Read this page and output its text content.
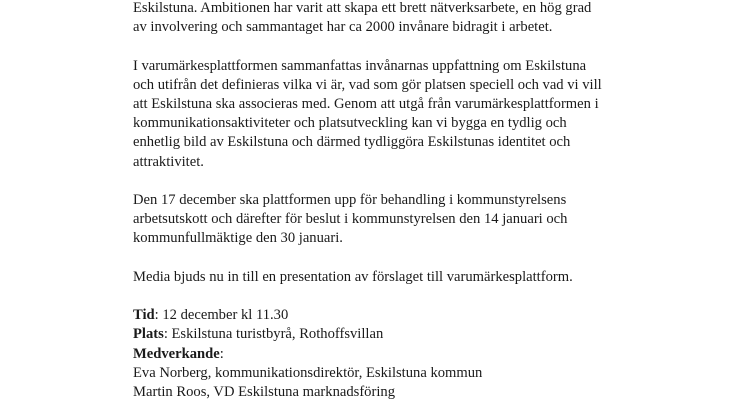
Eskilstuna. Ambitionen har varit att skapa ett brett nätverksarbete, en hög grad
av involvering och sammantaget har ca 2000 invånare bidragit i arbetet.

I varumärkesplattformen sammanfattas invånarnas uppfattning om Eskilstuna
och utifrån det definieras vilka vi är, vad som gör platsen speciell och vad vi vill
att Eskilstuna ska associeras med. Genom att utgå från varumärkesplattformen i
kommunikationsaktiviteter och platsutveckling kan vi bygga en tydlig och
enhetlig bild av Eskilstuna och därmed tydliggöra Eskilstunas identitet och
attraktivitet.

Den 17 december ska plattformen upp för behandling i kommunstyrelsens
arbetsutskott och därefter för beslut i kommunstyrelsen den 14 januari och
kommunfullmäktige den 30 januari.

Media bjuds nu in till en presentation av förslaget till varumärkesplattform.

Tid: 12 december kl 11.30
Plats: Eskilstuna turistbyrå, Rothoffsvillan
Medverkande:
Eva Norberg, kommunikationsdirektör, Eskilstuna kommun
Martin Roos, VD Eskilstuna marknadsföring
